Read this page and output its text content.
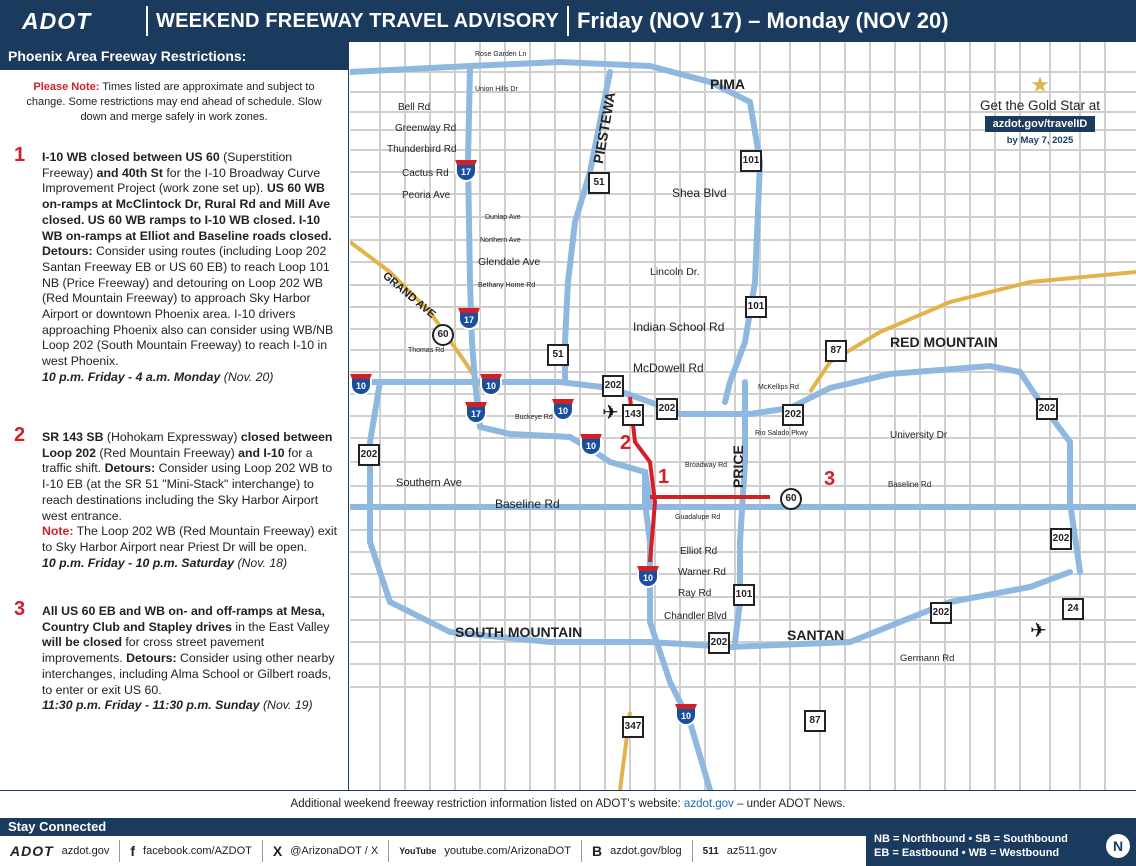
ADOT	WEEKEND FREEWAY TRAVEL ADVISORY Friday (NOV 17) – Monday (NOV 20)
Phoenix Area Freeway Restrictions:
Please Note: Times listed are approximate and subject to change. Some restrictions may end ahead of schedule. Slow down and merge safely in work zones.
1 I-10 WB closed between US 60 (Superstition Freeway) and 40th St for the I-10 Broadway Curve Improvement Project (work zone set up). US 60 WB on-ramps at McClintock Dr, Rural Rd and Mill Ave closed. US 60 WB ramps to I-10 WB closed. I-10 WB on-ramps at Elliot and Baseline roads closed. Detours: Consider using routes (including Loop 202 Santan Freeway EB or US 60 EB) to reach Loop 101 NB (Price Freeway) and detouring on Loop 202 WB (Red Mountain Freeway) to approach Sky Harbor Airport or downtown Phoenix area. I-10 drivers approaching Phoenix also can consider using WB/NB Loop 202 (South Mountain Freeway) to reach I-10 in west Phoenix.
10 p.m. Friday - 4 a.m. Monday (Nov. 20)
2 SR 143 SB (Hohokam Expressway) closed between Loop 202 (Red Mountain Freeway) and I-10 for a traffic shift. Detours: Consider using Loop 202 WB to I-10 EB (at the SR 51 "Mini-Stack" interchange) to reach destinations including the Sky Harbor Airport west entrance.
Note: The Loop 202 WB (Red Mountain Freeway) exit to Sky Harbor Airport near Priest Dr will be open.
10 p.m. Friday - 10 p.m. Saturday (Nov. 18)
3 All US 60 EB and WB on- and off-ramps at Mesa, Country Club and Stapley drives in the East Valley will be closed for cross street pavement improvements. Detours: Consider using other nearby interchanges, including Alma School or Gilbert roads, to enter or exit US 60.
11:30 p.m. Friday - 11:30 p.m. Sunday (Nov. 19)
★
Get the Gold Star at
azdot.gov/travelID
by May 7, 2025
PIMA
PIESTEWA
GRAND AVE
RED MOUNTAIN
PRICE
SOUTH MOUNTAIN	SANTAN
Rose Garden Ln
Union Hills Dr
Bell Rd
Greenway Rd
Thunderbird Rd
Cactus Rd
Peoria Ave
Dunlap Ave
Northern Ave
Glendale Ave
Bethany Home Rd
Thomas Rd
Indian School Rd
McDowell Rd
Buckeye Rd
Southern Ave
Baseline Rd
Guadalupe Rd
Elliot Rd
Warner Rd
Ray Rd
Chandler Blvd
Germann Rd
Shea Blvd
Lincoln Dr.
McKellips Rd
University Dr
Rio Salado Pkwy
Broadway Rd
Baseline Rd
101
101
101
51
51
17
17
17
60
60
10	10
10
10
10
10
202
202
202
202
202
202
202
202
143
87
87
24
347
✈
✈
1
2
3
Additional weekend freeway restriction information listed on ADOT's website: azdot.gov – under ADOT News.
Stay Connected
ADOT azdot.gov f facebook.com/AZDOT X @ArizonaDOT / X YouTube youtube.com/ArizonaDOT B azdot.gov/blog 511 az511.gov
NB = Northbound • SB = Southbound
EB = Eastbound • WB = Westbound	N
